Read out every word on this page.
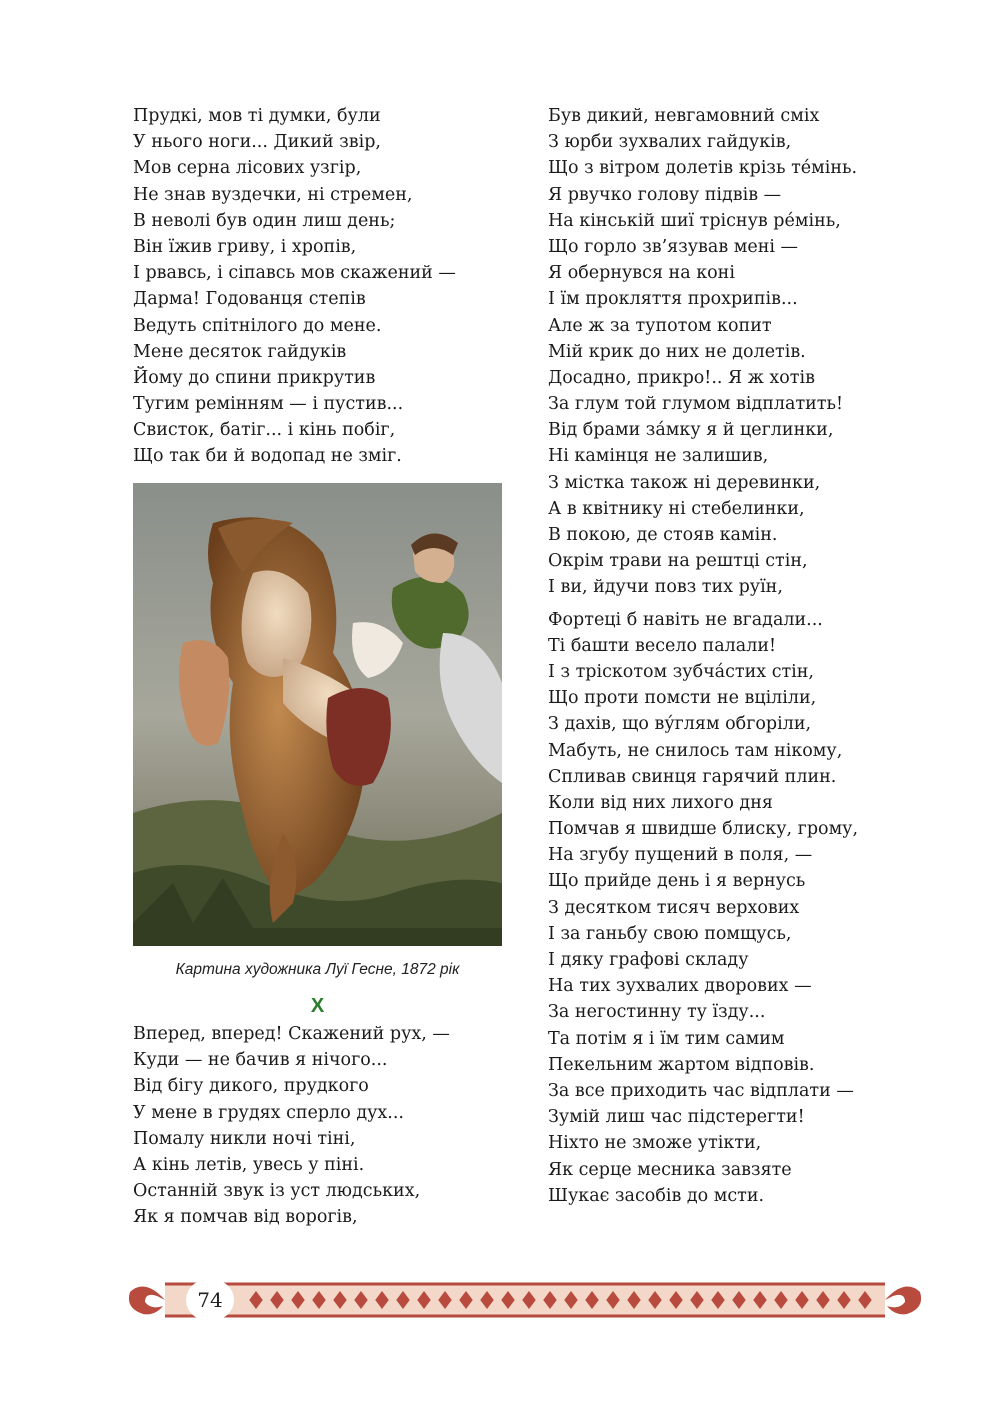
Прудкі, мов ті думки, були
У нього ноги... Дикий звір,
Мов серна лісових узгір,
Не знав вуздечки, ні стремен,
В неволі був один лиш день;
Він їжив гриву, і хропів,
І рвавсь, і сіпавсь мов скажений —
Дарма! Годованця степів
Ведуть спітнілого до мене.
Мене десяток гайдуків
Йому до спини прикрутив
Тугим ремінням — і пустив...
Свисток, батіг... і кінь побіг,
Що так би й водопад не зміг.
Картина художника Луї Гесне, 1872 рік
X
Вперед, вперед! Скажений рух, —
Куди — не бачив я нічого...
Від бігу дикого, прудкого
У мене в грудях сперло дух...
Помалу никли ночі тіні,
А кінь летів, увесь у піні.
Останній звук із уст людських,
Як я помчав від ворогів,
Був дикий, невгамовний сміх
З юрби зухвалих гайдуків,
Що з вітром долетів крізь те́мінь.
Я рвучко голову підвів —
На кінській шиї тріснув ре́мінь,
Що горло зв’язував мені —
Я обернувся на коні
І їм прокляття прохрипів...
Але ж за тупотом копит
Мій крик до них не долетів.
Досадно, прикро!.. Я ж хотів
За глум той глумом відплатить!
Від брами за́мку я й цеглинки,
Ні камінця не залишив,
З містка також ні деревинки,
А в квітнику ні стебелинки,
В покою, де стояв камін.
Окрім трави на рештці стін,
І ви, йдучи повз тих руїн,
Фортеці б навіть не вгадали...
Ті башти весело палали!
І з тріскотом зубча́стих стін,
Що проти помсти не вціліли,
З дахів, що ву́глям обгоріли,
Мабуть, не снилось там нікому,
Спливав свинця гарячий плин.
Коли від них лихого дня
Помчав я швидше блиску, грому,
На згубу пущений в поля, —
Що прийде день і я вернусь
З десятком тисяч верхових
І за ганьбу свою помщусь,
І дяку графові складу
На тих зухвалих дворових —
За негостинну ту їзду...
Та потім я і їм тим самим
Пекельним жартом відповів.
За все приходить час відплати —
Зумій лиш час підстерегти!
Ніхто не зможе утікти,
Як серце месника завзяте
Шукає засобів до мсти.
74
